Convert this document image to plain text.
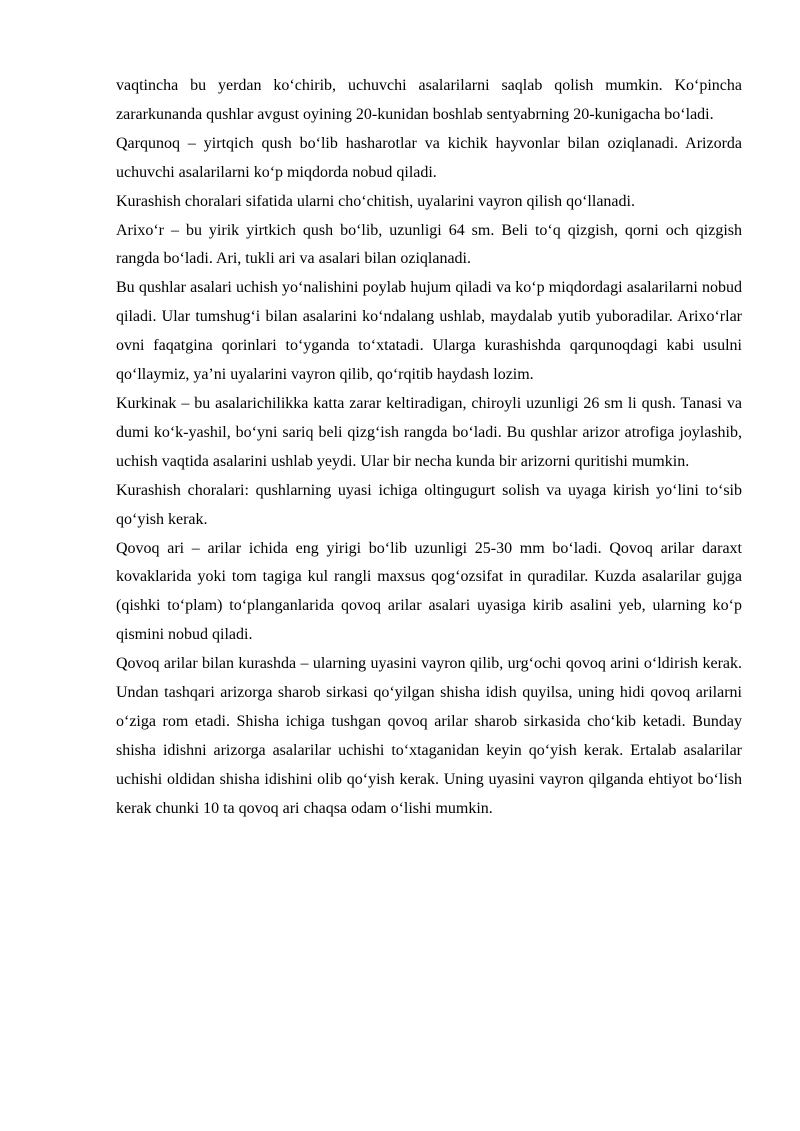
vaqtincha bu yerdan ko‘chirib, uchuvchi asalarilarni saqlab qolish mumkin. Ko‘pincha zararkunanda qushlar avgust oyining 20-kunidan boshlab sentyabrning 20-kunigacha bo‘ladi.

Qarqunoq – yirtqich qush bo‘lib hasharotlar va kichik hayvonlar bilan oziqlanadi. Arizorda uchuvchi asalarilarni ko‘p miqdorda nobud qiladi.

Kurashish choralari sifatida ularni cho‘chitish, uyalarini vayron qilish qo‘llanadi.

Arixo‘r – bu yirik yirtkich qush bo‘lib, uzunligi 64 sm. Beli to‘q qizgish, qorni och qizgish rangda bo‘ladi. Ari, tukli ari va asalari bilan oziqlanadi.

Bu qushlar asalari uchish yo‘nalishini poylab hujum qiladi va ko‘p miqdordagi asalarilarni nobud qiladi. Ular tumshug‘i bilan asalarini ko‘ndalang ushlab, maydalab yutib yuboradilar. Arixo‘rlar ovni faqatgina qorinlari to‘yganda to‘xtatadi. Ularga kurashishda qarqunoqdagi kabi usulni qo‘llaymiz, ya’ni uyalarini vayron qilib, qo‘rqitib haydash lozim.

Kurkinak – bu asalarichilikka katta zarar keltiradigan, chiroyli uzunligi 26 sm li qush. Tanasi va dumi ko‘k-yashil, bo‘yni sariq beli qizg‘ish rangda bo‘ladi. Bu qushlar arizor atrofiga joylashib, uchish vaqtida asalarini ushlab yeydi. Ular bir necha kunda bir arizorni quritishi mumkin.

Kurashish choralari: qushlarning uyasi ichiga oltingugurt solish va uyaga kirish yo‘lini to‘sib qo‘yish kerak.

Qovoq ari – arilar ichida eng yirigi bo‘lib uzunligi 25-30 mm bo‘ladi. Qovoq arilar daraxt kovaklarida yoki tom tagiga kul rangli maxsus qog‘ozsifat in quradilar. Kuzda asalarilar gujga (qishki to‘plam) to‘planganlarida qovoq arilar asalari uyasiga kirib asalini yeb, ularning ko‘p qismini nobud qiladi.

Qovoq arilar bilan kurashda – ularning uyasini vayron qilib, urg‘ochi qovoq arini o‘ldirish kerak. Undan tashqari arizorga sharob sirkasi qo‘yilgan shisha idish quyilsa, uning hidi qovoq arilarni o‘ziga rom etadi. Shisha ichiga tushgan qovoq arilar sharob sirkasida cho‘kib ketadi. Bunday shisha idishni arizorga asalarilar uchishi to‘xtaganidan keyin qo‘yish kerak. Ertalab asalarilar uchishi oldidan shisha idishini olib qo‘yish kerak. Uning uyasini vayron qilganda ehtiyot bo‘lish kerak chunki 10 ta qovoq ari chaqsa odam o‘lishi mumkin.
